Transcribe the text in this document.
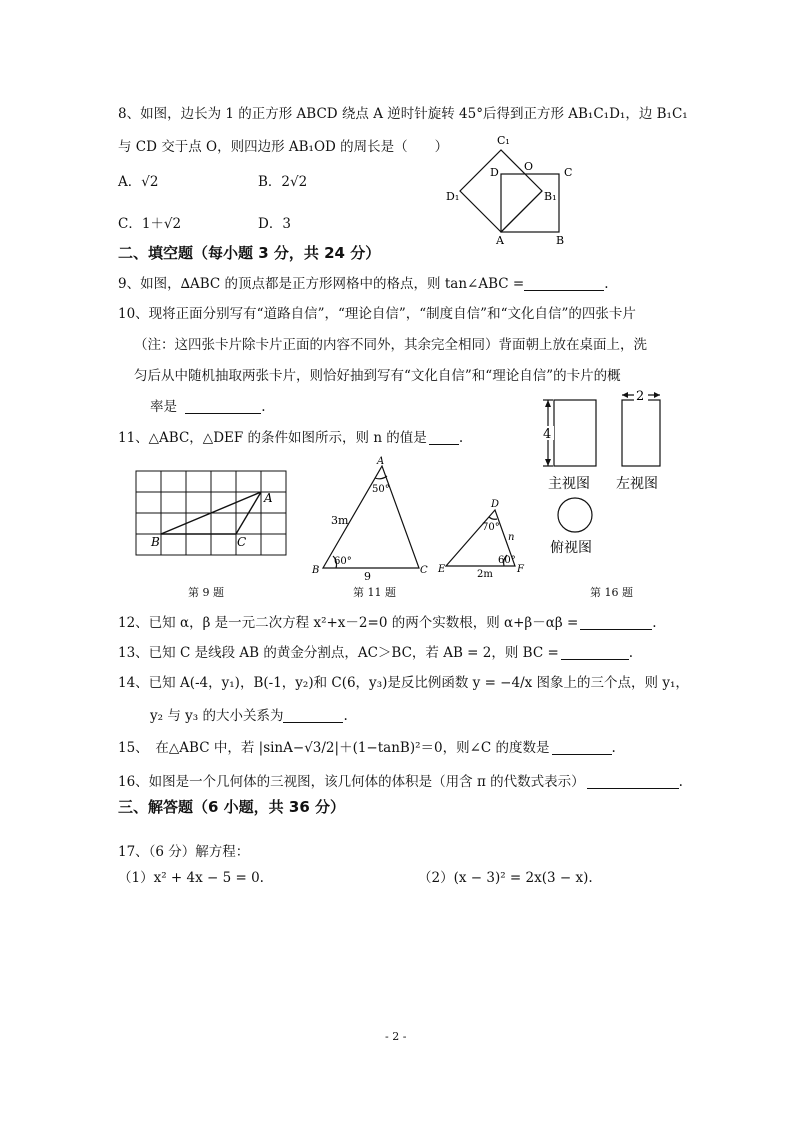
8、如图，边长为 1 的正方形 ABCD 绕点 A 逆时针旋转 45°后得到正方形 AB₁C₁D₁，边 B₁C₁
与 CD 交于点 O，则四边形 AB₁OD 的周长是（　　）
A．√2	B．2√2
C．1＋√2	D．3
C₁
O
D	C
D₁	B₁
A	B
二、填空题（每小题 3 分，共 24 分）
9、如图，∆ABC 的顶点都是正方形网格中的格点，则 tan∠ABC =	.
10、现将正面分别写有“道路自信”，“理论自信”，“制度自信”和“文化自信”的四张卡片
（注：这四张卡片除卡片正面的内容不同外，其余完全相同）背面朝上放在桌面上，洗
匀后从中随机抽取两张卡片，则恰好抽到写有“文化自信”和“理论自信”的卡片的概
率是	.
11、△ABC，△DEF 的条件如图所示，则 n 的值是 .
2
4
主视图 左视图
俯视图
A
B	C
A
50°
3m
60°
B	C
9
D
70°
n
60°
E	F
2m
第 9 题	第 11 题	第 16 题
12、已知 α，β 是一元二次方程 x²+x－2=0 的两个实数根，则 α+β－αβ =	.
13、已知 C 是线段 AB 的黄金分割点，AC＞BC，若 AB = 2，则 BC =	.
14、已知 A(-4，y₁)，B(-1，y₂)和 C(6，y₃)是反比例函数 y = −4/x 图象上的三个点，则 y₁，
y₂ 与 y₃ 的大小关系为	.
15、　在△ABC 中，若 |sinA−√3/2|＋(1−tanB)²＝0，则∠C 的度数是	.
16、如图是一个几何体的三视图，该几何体的体积是（用含 π 的代数式表示）	.
三、解答题（6 小题，共 36 分）
17、（6 分）解方程：
（1）x² + 4x − 5 = 0.	（2）(x − 3)² = 2x(3 − x).
- 2 -
